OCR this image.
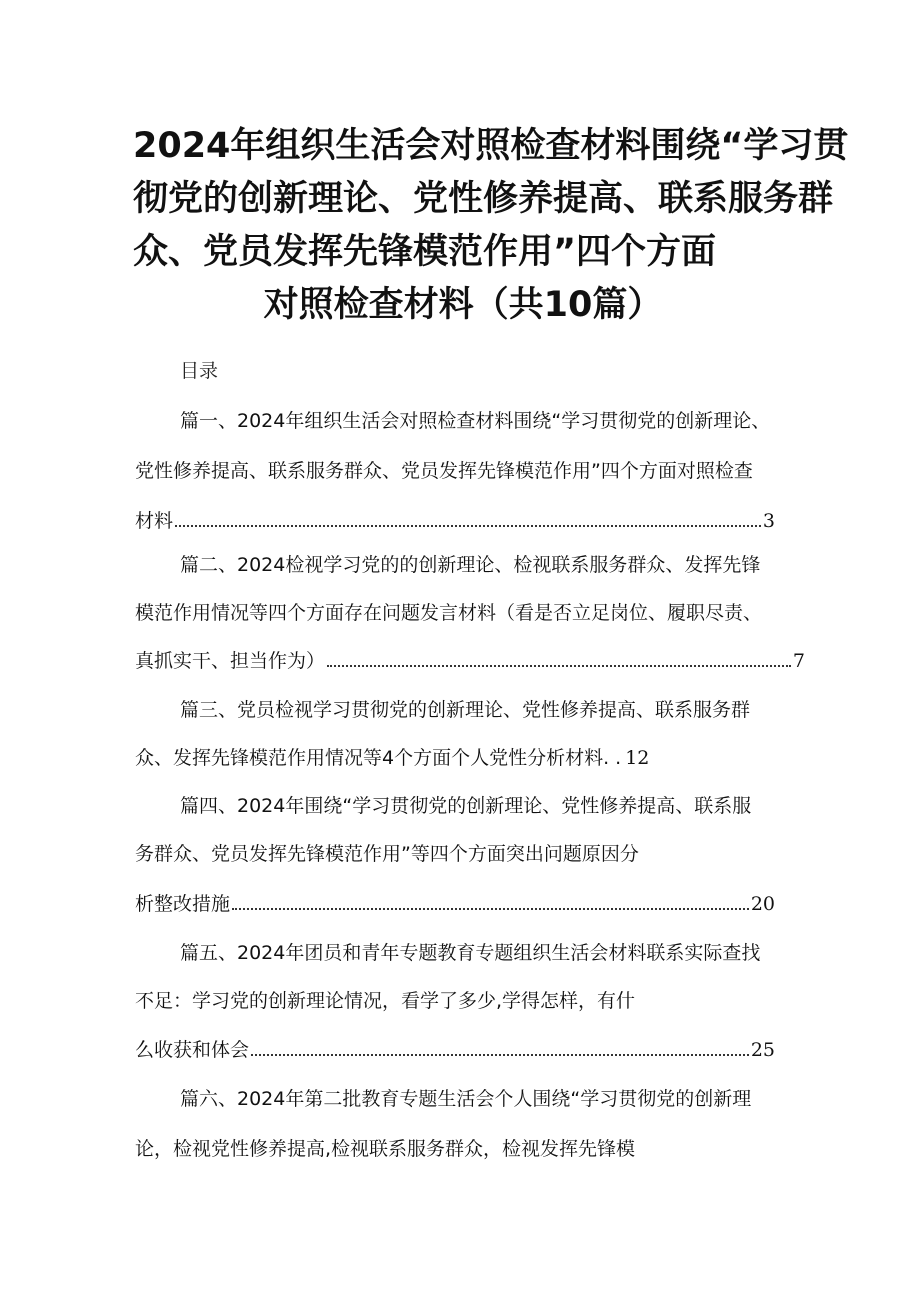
2024年组织生活会对照检查材料围绕“学习贯
彻党的创新理论、党性修养提高、联系服务群
众、党员发挥先锋模范作用”四个方面
对照检查材料（共10篇）
目录
篇一、2024年组织生活会对照检查材料围绕“学习贯彻党的创新理论、
党性修养提高、联系服务群众、党员发挥先锋模范作用”四个方面对照检查
材料	3
篇二、2024检视学习党的的创新理论、检视联系服务群众、发挥先锋
模范作用情况等四个方面存在问题发言材料（看是否立足岗位、履职尽责、
真抓实干、担当作为）	7
篇三、党员检视学习贯彻党的创新理论、党性修养提高、联系服务群
众、发挥先锋模范作用情况等4个方面个人党性分析材料. . 12
篇四、2024年围绕“学习贯彻党的创新理论、党性修养提高、联系服
务群众、党员发挥先锋模范作用”等四个方面突出问题原因分
析整改措施	20
篇五、2024年团员和青年专题教育专题组织生活会材料联系实际查找
不足：学习党的创新理论情况，看学了多少,学得怎样，有什
么收获和体会	25
篇六、2024年第二批教育专题生活会个人围绕“学习贯彻党的创新理
论，检视党性修养提高,检视联系服务群众，检视发挥先锋模
